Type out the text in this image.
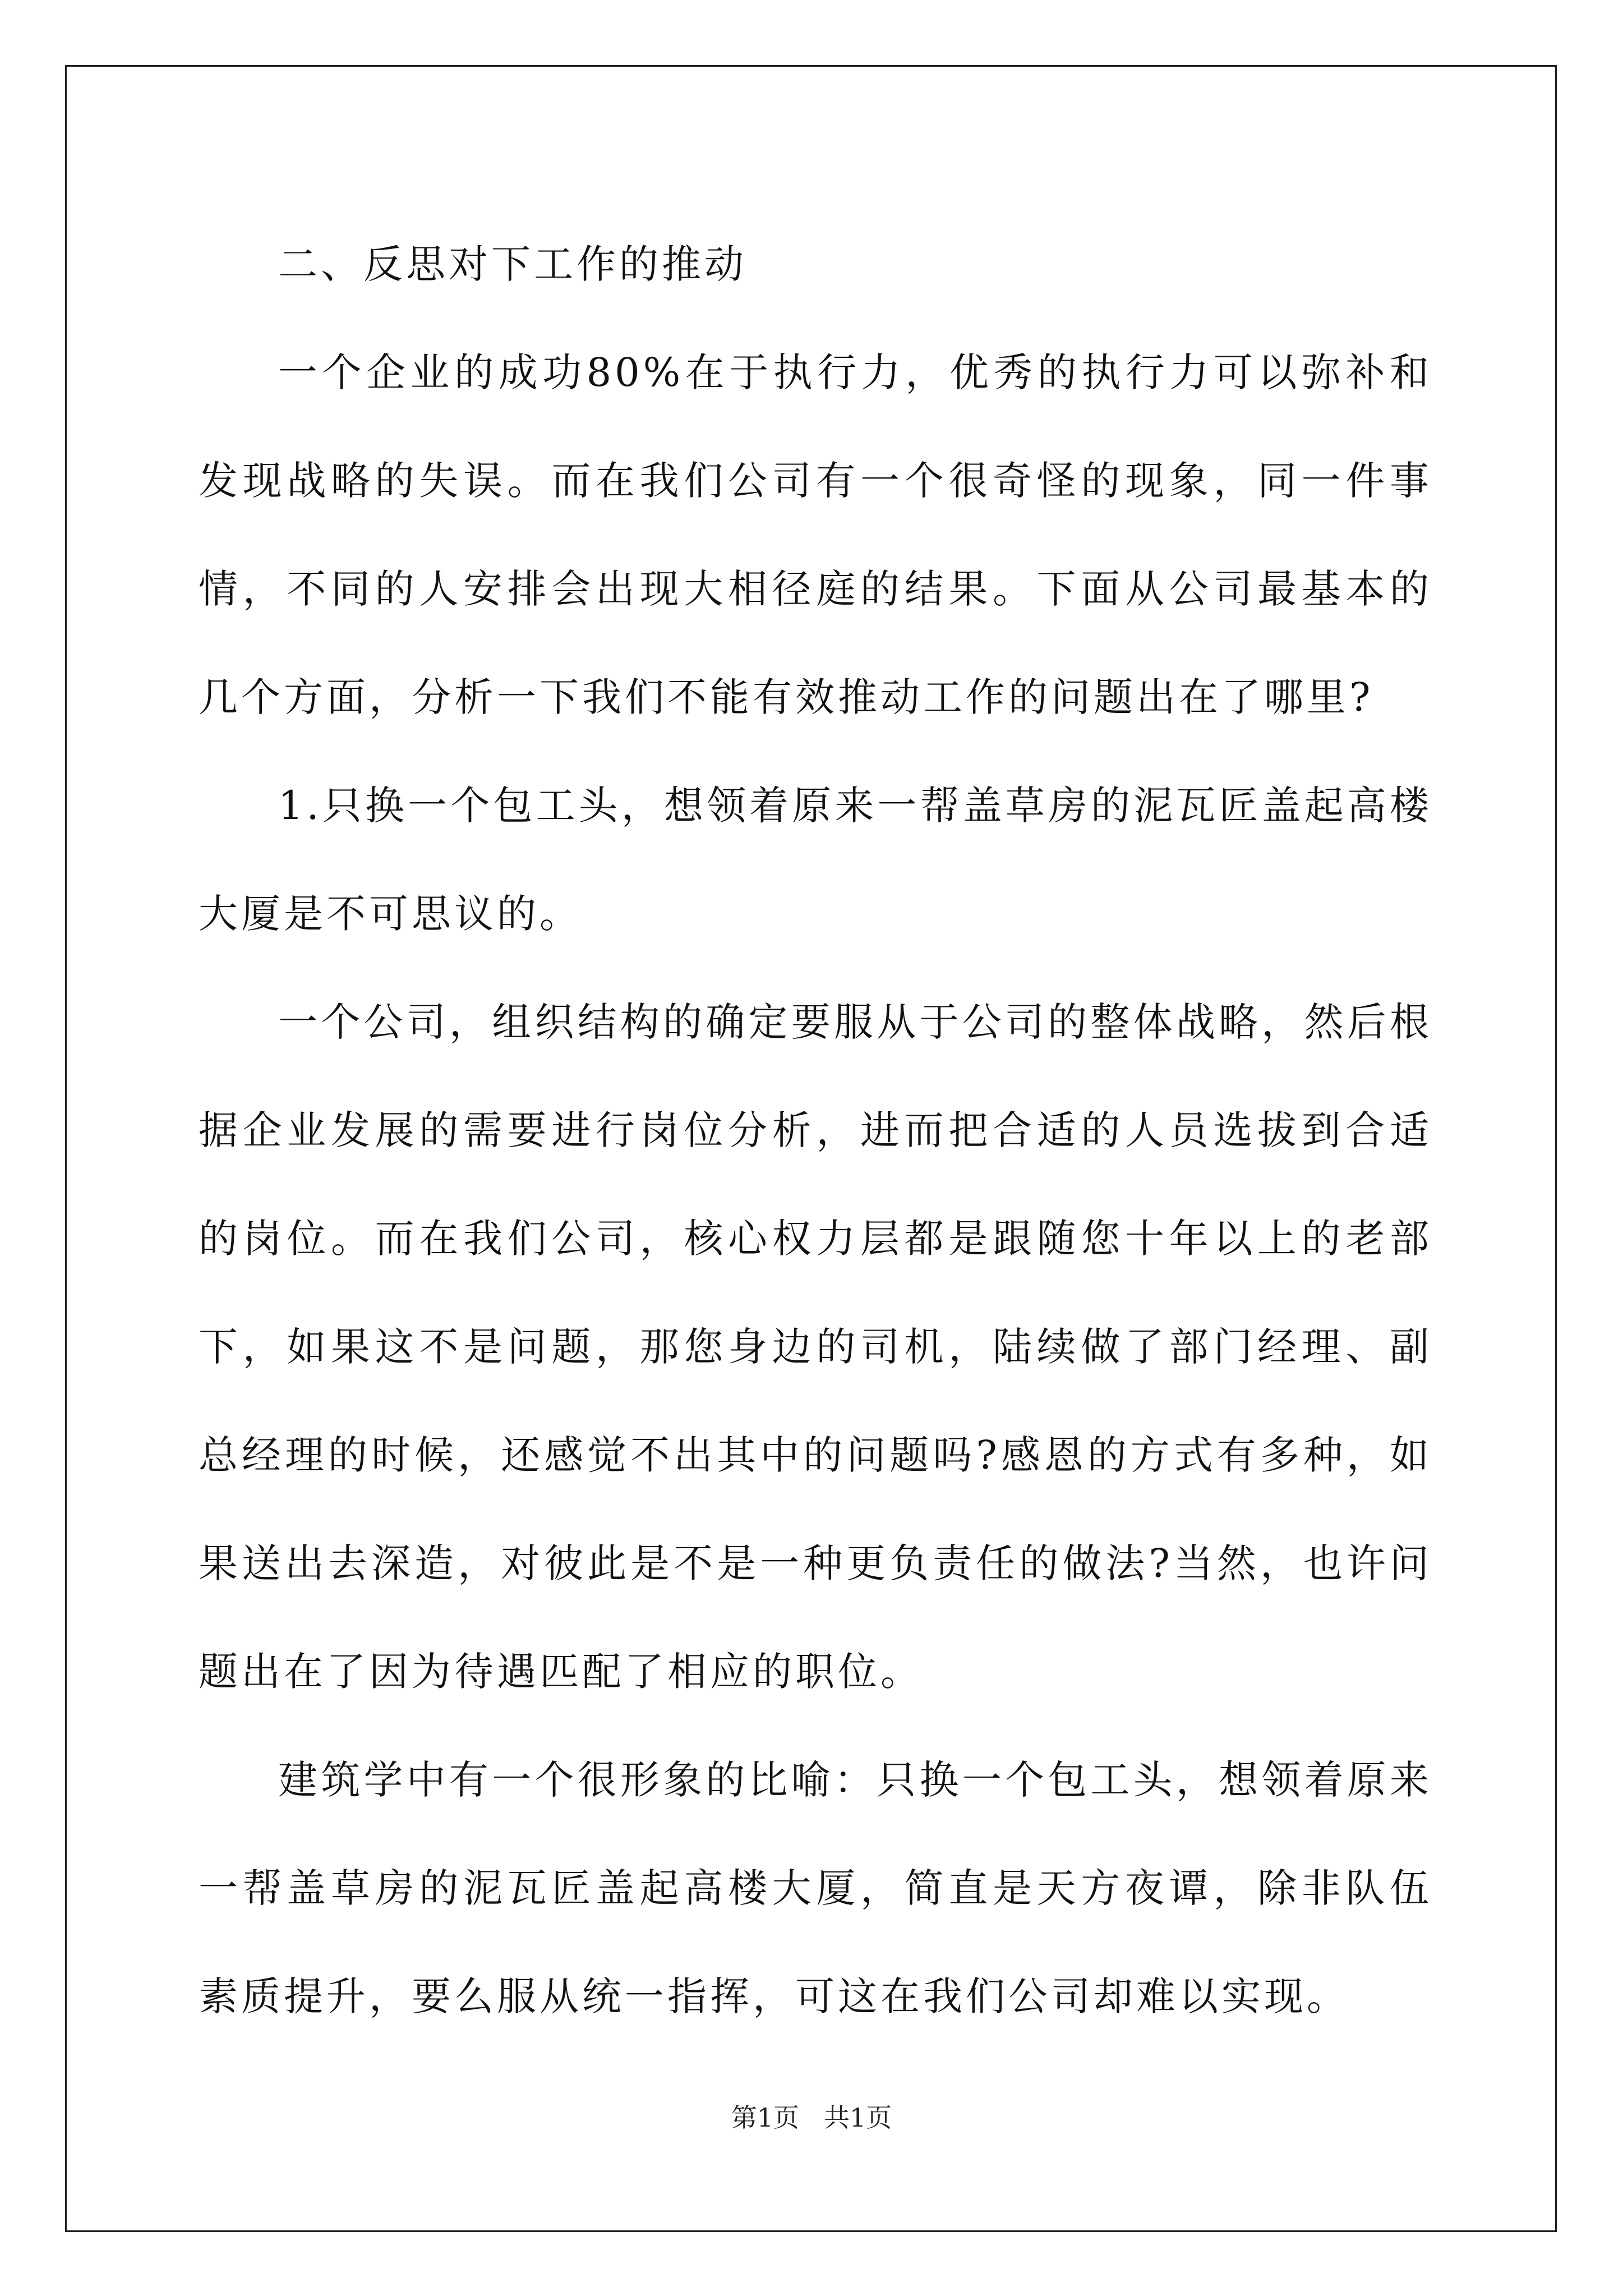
二、反思对下工作的推动

一个企业的成功80%在于执行力，优秀的执行力可以弥补和发现战略的失误。而在我们公司有一个很奇怪的现象，同一件事情，不同的人安排会出现大相径庭的结果。下面从公司最基本的几个方面，分析一下我们不能有效推动工作的问题出在了哪里?

1.只换一个包工头，想领着原来一帮盖草房的泥瓦匠盖起高楼大厦是不可思议的。

一个公司，组织结构的确定要服从于公司的整体战略，然后根据企业发展的需要进行岗位分析，进而把合适的人员选拔到合适的岗位。而在我们公司，核心权力层都是跟随您十年以上的老部下，如果这不是问题，那您身边的司机，陆续做了部门经理、副总经理的时候，还感觉不出其中的问题吗?感恩的方式有多种，如果送出去深造，对彼此是不是一种更负责任的做法?当然，也许问题出在了因为待遇匹配了相应的职位。

建筑学中有一个很形象的比喻：只换一个包工头，想领着原来一帮盖草房的泥瓦匠盖起高楼大厦，简直是天方夜谭，除非队伍素质提升，要么服从统一指挥，可这在我们公司却难以实现。

第1页 共1页
